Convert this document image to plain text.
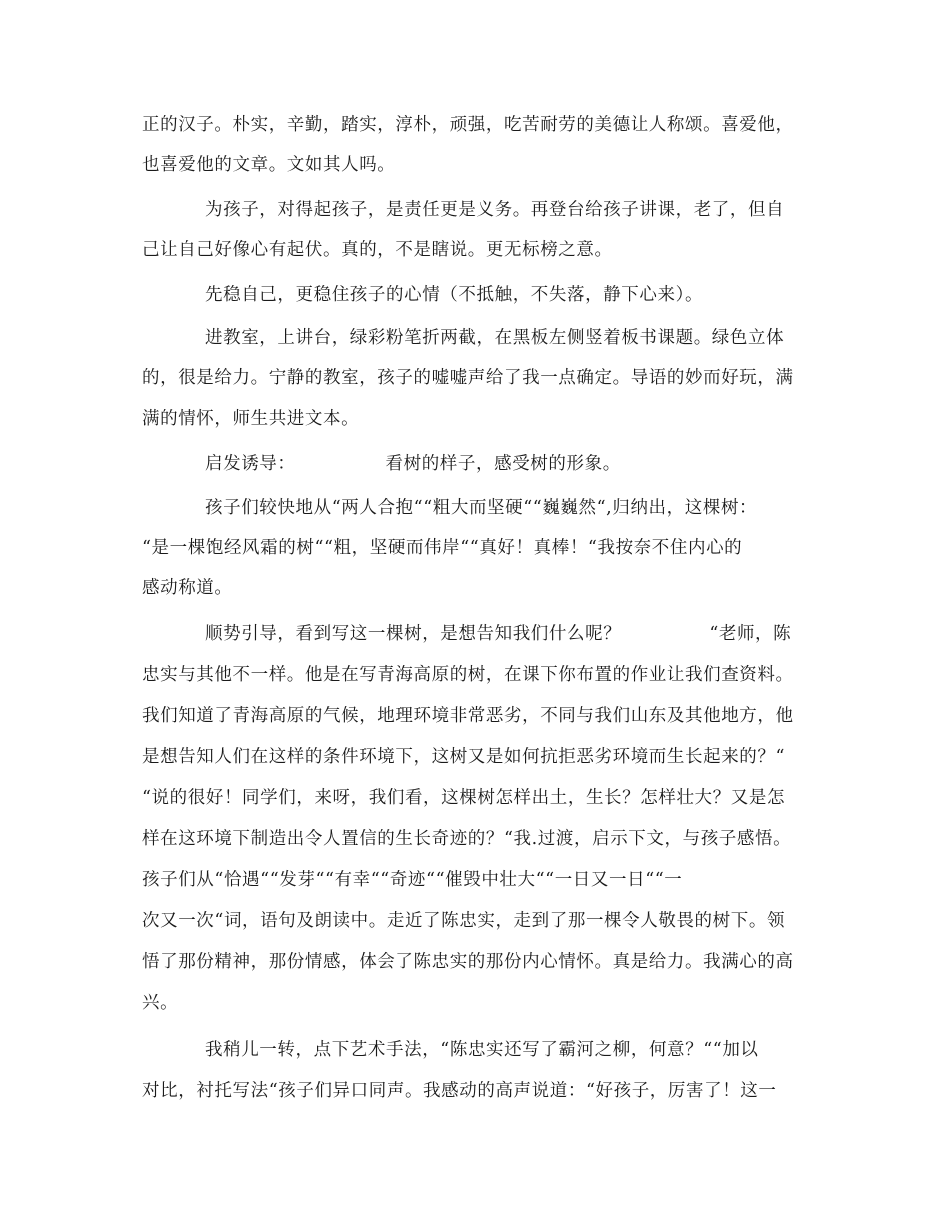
正的汉子。朴实，辛勤，踏实，淳朴，顽强，吃苦耐劳的美德让人称颂。喜爱他，
也喜爱他的文章。文如其人吗。
为孩子，对得起孩子，是责任更是义务。再登台给孩子讲课，老了，但自
己让自己好像心有起伏。真的，不是瞎说。更无标榜之意。
先稳自己，更稳住孩子的心情（不抵触，不失落，静下心来）。
进教室，上讲台，绿彩粉笔折两截，在黑板左侧竖着板书课题。绿色立体
的，很是给力。宁静的教室，孩子的嘘嘘声给了我一点确定。导语的妙而好玩，满
满的情怀，师生共进文本。
启发诱导：	看树的样子，感受树的形象。
孩子们较快地从“两人合抱““粗大而坚硬““巍巍然“,归纳出，这棵树：
“是一棵饱经风霜的树““粗，坚硬而伟岸““真好！真棒！“我按奈不住内心的
感动称道。
顺势引导，看到写这一棵树，是想告知我们什么呢？	“老师，陈
忠实与其他不一样。他是在写青海高原的树，在课下你布置的作业让我们查资料。
我们知道了青海高原的气候，地理环境非常恶劣，不同与我们山东及其他地方，他
是想告知人们在这样的条件环境下，这树又是如何抗拒恶劣环境而生长起来的？“
“说的很好！同学们，来呀，我们看，这棵树怎样出土，生长？怎样壮大？又是怎
样在这环境下制造出令人置信的生长奇迹的？“我.过渡，启示下文，与孩子感悟。
孩子们从“恰遇““发芽““有幸““奇迹““催毁中壮大““一日又一日““一
次又一次“词，语句及朗读中。走近了陈忠实，走到了那一棵令人敬畏的树下。领
悟了那份精神，那份情感，体会了陈忠实的那份内心情怀。真是给力。我满心的高
兴。
我稍儿一转，点下艺术手法，“陈忠实还写了霸河之柳，何意？““加以
对比，衬托写法“孩子们异口同声。我感动的高声说道：“好孩子，厉害了！这一
